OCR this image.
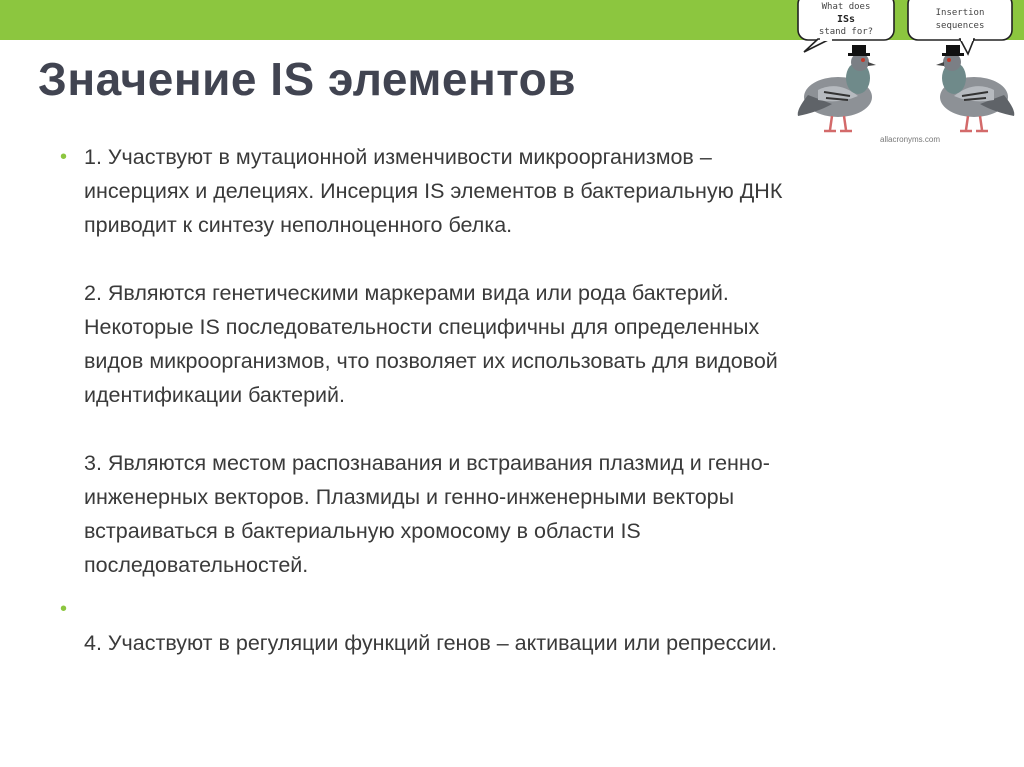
Значение IS элементов
What does
ISs
stand for?
Insertion
sequences
allacronyms.com
• 1. Участвуют в мутационной изменчивости микроорганизмов –
инсерциях и делециях. Инсерция IS элементов в бактериальную ДНК
приводит к синтезу неполноценного белка.
2. Являются генетическими маркерами вида или рода бактерий.
Некоторые IS последовательности специфичны для определенных
видов микроорганизмов, что позволяет их использовать для видовой
идентификации бактерий.
3. Являются местом распознавания и встраивания плазмид и генно-
инженерных векторов. Плазмиды и генно-инженерными векторы
встраиваться в бактериальную хромосому в области IS
последовательностей.
•
4. Участвуют в регуляции функций генов – активации или репрессии.
